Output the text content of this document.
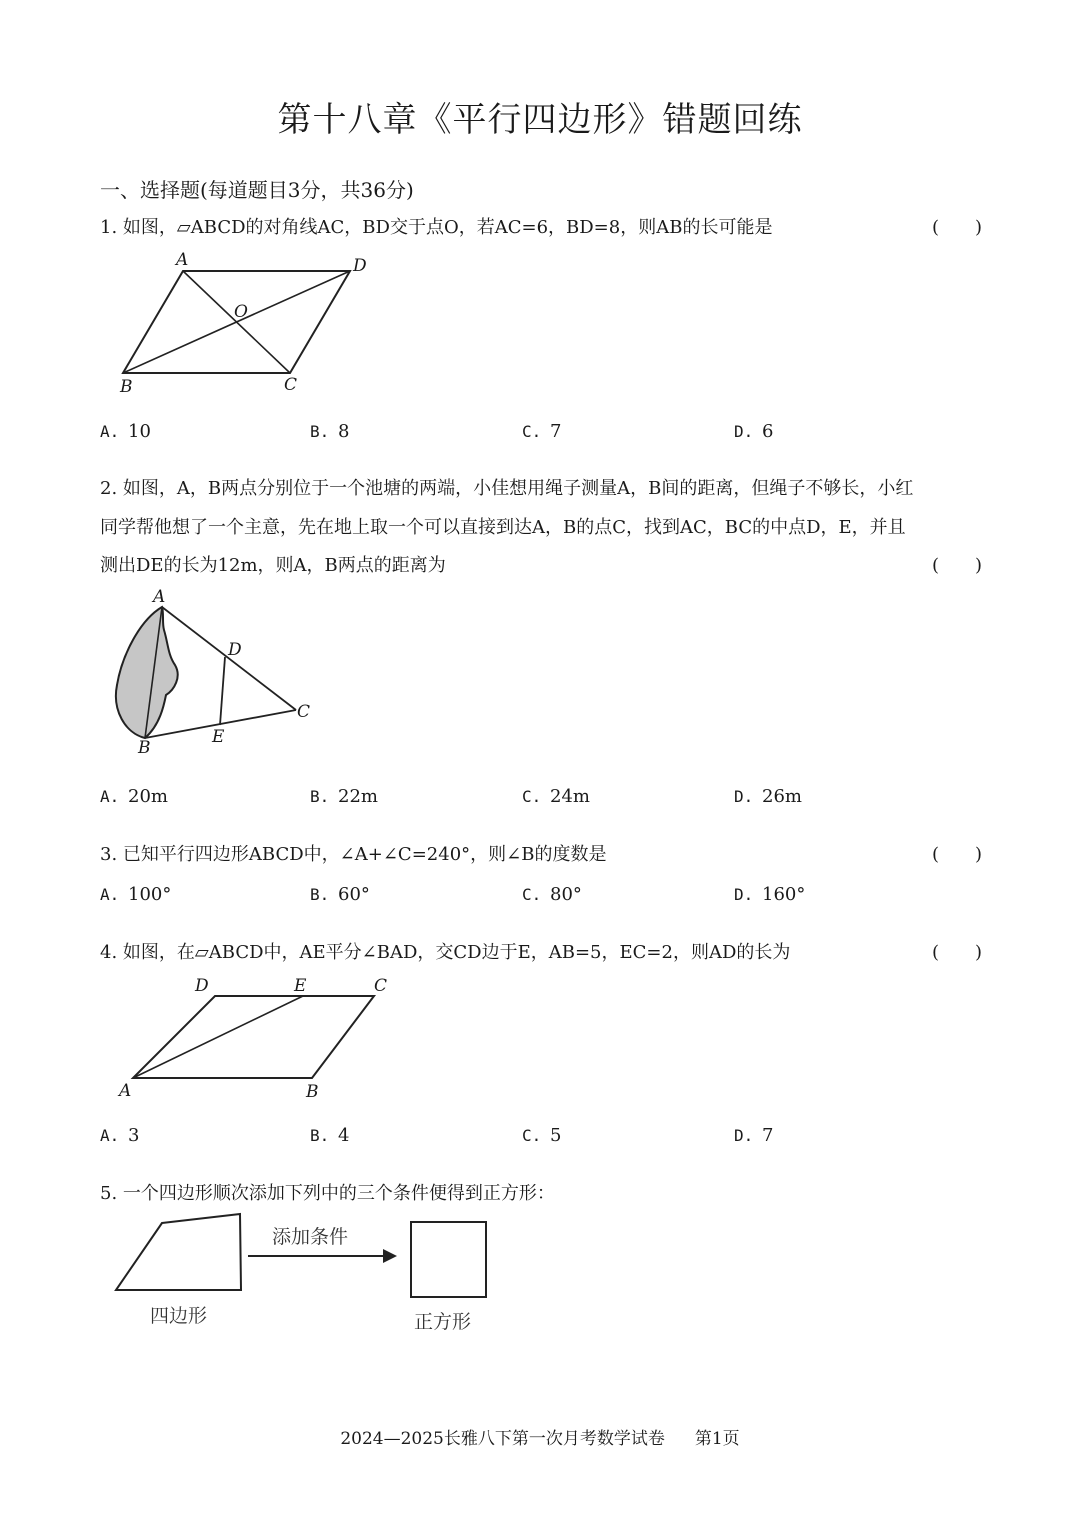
第十八章《平行四边形》错题回练
一、选择题(每道题目3分，共36分)
1. 如图，▱ABCD的对角线AC，BD交于点O，若AC=6，BD=8，则AB的长可能是	(　　)
A	D
O
B	C
A. 10	B. 8	C. 7	D. 6
2. 如图，A，B两点分别位于一个池塘的两端，小佳想用绳子测量A，B间的距离，但绳子不够长，小红
同学帮他想了一个主意，先在地上取一个可以直接到达A，B的点C，找到AC，BC的中点D，E，并且
测出DE的长为12m，则A，B两点的距离为	(　　)
A
D
C
B
E
A. 20m	B. 22m	C. 24m	D. 26m
3. 已知平行四边形ABCD中，∠A+∠C=240°，则∠B的度数是	(　　)
A. 100°	B. 60°	C. 80°	D. 160°
4. 如图，在▱ABCD中，AE平分∠BAD，交CD边于E，AB=5，EC=2，则AD的长为	(　　)
D	E	C
A	B
A. 3	B. 4	C. 5	D. 7
5. 一个四边形顺次添加下列中的三个条件便得到正方形：
添加条件
四边形	正方形
2024—2025长雅八下第一次月考数学试卷 第1页
